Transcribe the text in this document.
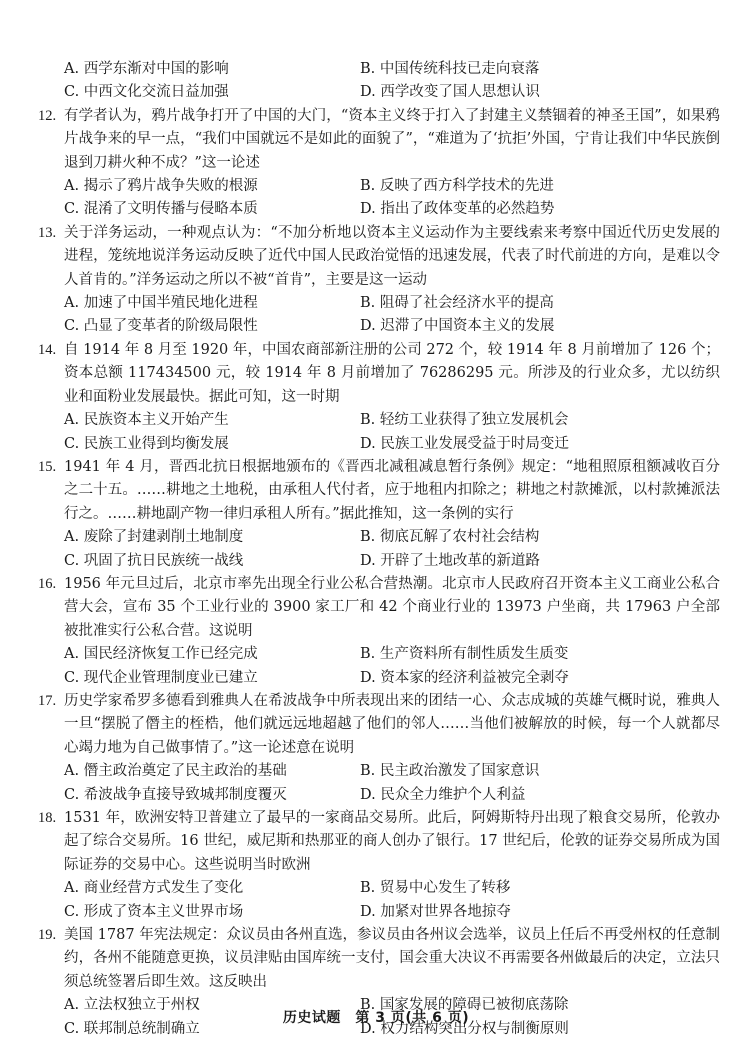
A. 西学东渐对中国的影响	B. 中国传统科技已走向衰落
C. 中西文化交流日益加强	D. 西学改变了国人思想认识

12. 有学者认为，鸦片战争打开了中国的大门，“资本主义终于打入了封建主义禁锢着的神圣王国”，如果鸦片战争来的早一点，“我们中国就远不是如此的面貌了”，“难道为了‘抗拒’外国，宁肯让我们中华民族倒退到刀耕火种不成？”这一论述

A. 揭示了鸦片战争失败的根源	B. 反映了西方科学技术的先进
C. 混淆了文明传播与侵略本质	D. 指出了政体变革的必然趋势

13. 关于洋务运动，一种观点认为：“不加分析地以资本主义运动作为主要线索来考察中国近代历史发展的进程，笼统地说洋务运动反映了近代中国人民政治觉悟的迅速发展，代表了时代前进的方向，是难以令人首肯的。”洋务运动之所以不被“首肯”，主要是这一运动

A. 加速了中国半殖民地化进程	B. 阻碍了社会经济水平的提高
C. 凸显了变革者的阶级局限性	D. 迟滞了中国资本主义的发展

14. 自 1914 年 8 月至 1920 年，中国农商部新注册的公司 272 个，较 1914 年 8 月前增加了 126 个；资本总额 117434500 元，较 1914 年 8 月前增加了 76286295 元。所涉及的行业众多，尤以纺织业和面粉业发展最快。据此可知，这一时期

A. 民族资本主义开始产生	B. 轻纺工业获得了独立发展机会
C. 民族工业得到均衡发展	D. 民族工业发展受益于时局变迁

15. 1941 年 4 月，晋西北抗日根据地颁布的《晋西北减租减息暂行条例》规定：“地租照原租额减收百分之二十五。……耕地之土地税，由承租人代付者，应于地租内扣除之；耕地之村款摊派，以村款摊派法行之。……耕地副产物一律归承租人所有。”据此推知，这一条例的实行

A. 废除了封建剥削土地制度	B. 彻底瓦解了农村社会结构
C. 巩固了抗日民族统一战线	D. 开辟了土地改革的新道路

16. 1956 年元旦过后，北京市率先出现全行业公私合营热潮。北京市人民政府召开资本主义工商业公私合营大会，宣布 35 个工业行业的 3900 家工厂和 42 个商业行业的 13973 户坐商，共 17963 户全部被批准实行公私合营。这说明

A. 国民经济恢复工作已经完成	B. 生产资料所有制性质发生质变
C. 现代企业管理制度业已建立	D. 资本家的经济利益被完全剥夺

17. 历史学家希罗多德看到雅典人在希波战争中所表现出来的团结一心、众志成城的英雄气概时说，雅典人一旦“摆脱了僭主的桎梏，他们就远远地超越了他们的邻人……当他们被解放的时候，每一个人就都尽心竭力地为自己做事情了。”这一论述意在说明

A. 僭主政治奠定了民主政治的基础	B. 民主政治激发了国家意识
C. 希波战争直接导致城邦制度覆灭	D. 民众全力维护个人利益

18. 1531 年，欧洲安特卫普建立了最早的一家商品交易所。此后，阿姆斯特丹出现了粮食交易所，伦敦办起了综合交易所。16 世纪，威尼斯和热那亚的商人创办了银行。17 世纪后，伦敦的证券交易所成为国际证券的交易中心。这些说明当时欧洲

A. 商业经营方式发生了变化	B. 贸易中心发生了转移
C. 形成了资本主义世界市场	D. 加紧对世界各地掠夺

19. 美国 1787 年宪法规定：众议员由各州直选，参议员由各州议会选举，议员上任后不再受州权的任意制约，各州不能随意更换，议员津贴由国库统一支付，国会重大决议不再需要各州做最后的决定，立法只须总统签署后即生效。这反映出

A. 立法权独立于州权	B. 国家发展的障碍已被彻底荡除
C. 联邦制总统制确立	D. 权力结构突出分权与制衡原则
历史试题　第 3 页(共 6 页)
